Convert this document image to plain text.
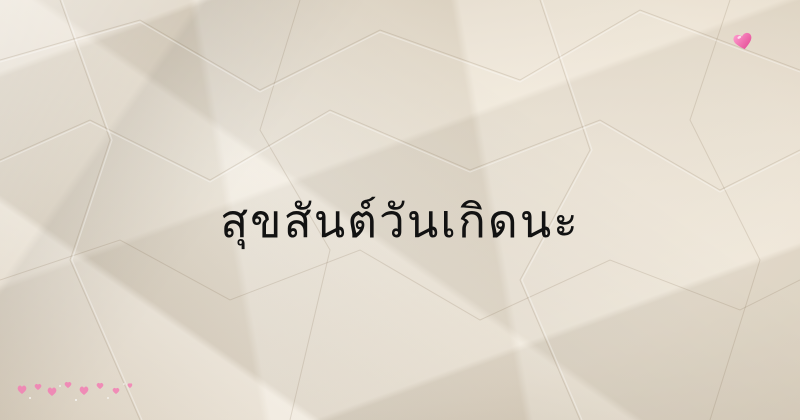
สุขสันต์วันเกิดนะ
